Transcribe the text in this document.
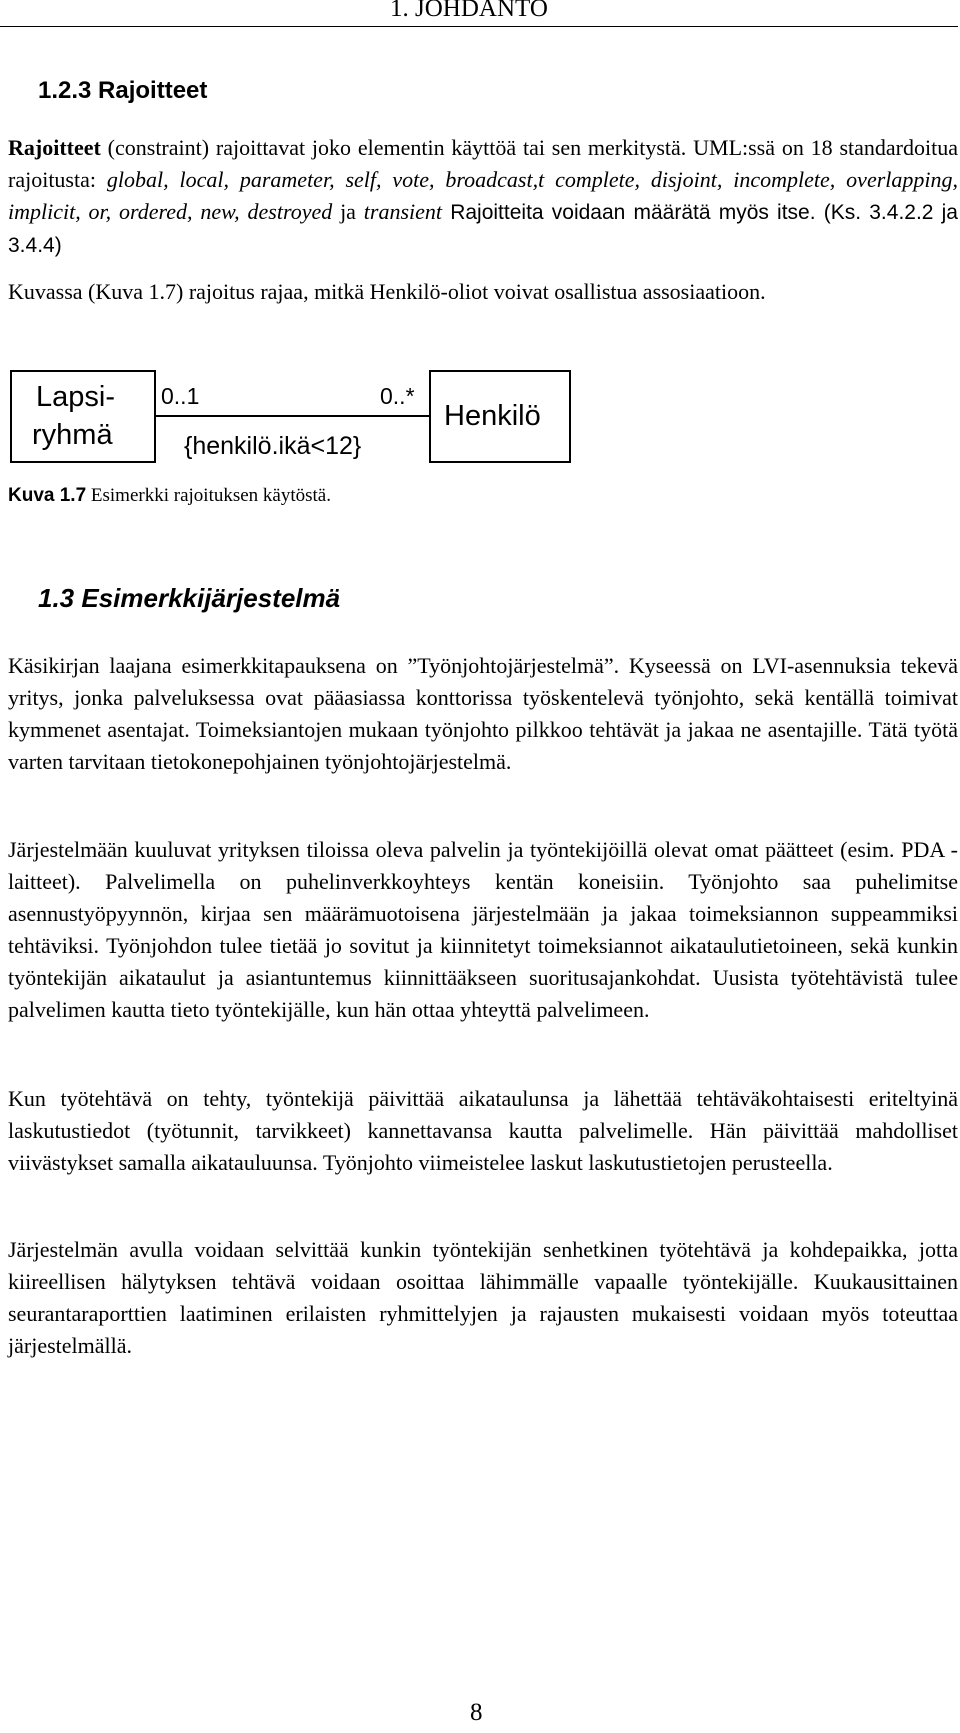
1. JOHDANTO
1.2.3 Rajoitteet
Rajoitteet (constraint) rajoittavat joko elementin käyttöä tai sen merkitystä. UML:ssä on 18 standardoitua rajoitusta: global, local, parameter, self, vote, broadcast,t complete, disjoint, incomplete, overlapping, implicit, or, ordered, new, destroyed ja transient Rajoitteita voidaan määrätä myös itse. (Ks. 3.4.2.2 ja 3.4.4)
Kuvassa (Kuva 1.7) rajoitus rajaa, mitkä Henkilö-oliot voivat osallistua assosiaatioon.
Lapsi-
ryhmä
Henkilö
0..1	0..*
{henkilö.ikä<12}
Kuva 1.7 Esimerkki rajoituksen käytöstä.
1.3 Esimerkkijärjestelmä
Käsikirjan laajana esimerkkitapauksena on ”Työnjohtojärjestelmä”. Kyseessä on LVI-asennuksia tekevä yritys, jonka palveluksessa ovat pääasiassa konttorissa työskentelevä työnjohto, sekä kentällä toimivat kymmenet asentajat. Toimeksiantojen mukaan työnjohto pilkkoo tehtävät ja jakaa ne asentajille. Tätä työtä varten tarvitaan tietokonepohjainen työnjohtojärjestelmä.
Järjestelmään kuuluvat yrityksen tiloissa oleva palvelin ja työntekijöillä olevat omat päätteet (esim. PDA -laitteet). Palvelimella on puhelinverkkoyhteys kentän koneisiin. Työnjohto saa puhelimitse asennustyöpyynnön, kirjaa sen määrämuotoisena järjestelmään ja jakaa toimeksiannon suppeammiksi tehtäviksi. Työnjohdon tulee tietää jo sovitut ja kiinnitetyt toimeksiannot aikataulutietoineen, sekä kunkin työntekijän aikataulut ja asiantuntemus kiinnittääkseen suoritusajankohdat. Uusista työtehtävistä tulee palvelimen kautta tieto työntekijälle, kun hän ottaa yhteyttä palvelimeen.
Kun työtehtävä on tehty, työntekijä päivittää aikataulunsa ja lähettää tehtäväkohtaisesti eriteltyinä laskutustiedot (työtunnit, tarvikkeet) kannettavansa kautta palvelimelle. Hän päivittää mahdolliset viivästykset samalla aikatauluunsa. Työnjohto viimeistelee laskut laskutustietojen perusteella.
Järjestelmän avulla voidaan selvittää kunkin työntekijän senhetkinen työtehtävä ja kohdepaikka, jotta kiireellisen hälytyksen tehtävä voidaan osoittaa lähimmälle vapaalle työntekijälle. Kuukausittainen seurantaraporttien laatiminen erilaisten ryhmittelyjen ja rajausten mukaisesti voidaan myös toteuttaa järjestelmällä.
8
